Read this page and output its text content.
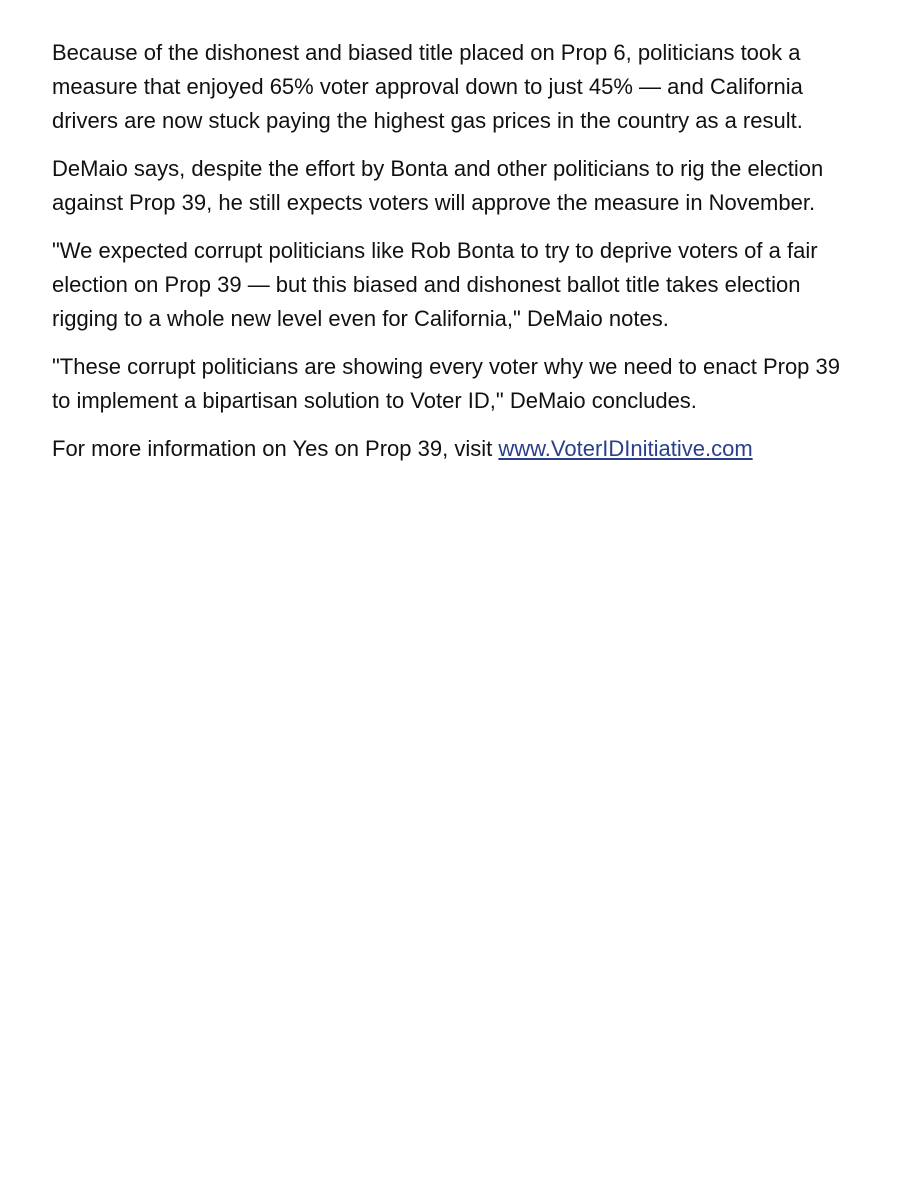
Because of the dishonest and biased title placed on Prop 6, politicians took a measure that enjoyed 65% voter approval down to just 45% — and California drivers are now stuck paying the highest gas prices in the country as a result.

DeMaio says, despite the effort by Bonta and other politicians to rig the election against Prop 39, he still expects voters will approve the measure in November.

"We expected corrupt politicians like Rob Bonta to try to deprive voters of a fair election on Prop 39 — but this biased and dishonest ballot title takes election rigging to a whole new level even for California," DeMaio notes.

"These corrupt politicians are showing every voter why we need to enact Prop 39 to implement a bipartisan solution to Voter ID," DeMaio concludes.

For more information on Yes on Prop 39, visit www.VoterIDInitiative.com
